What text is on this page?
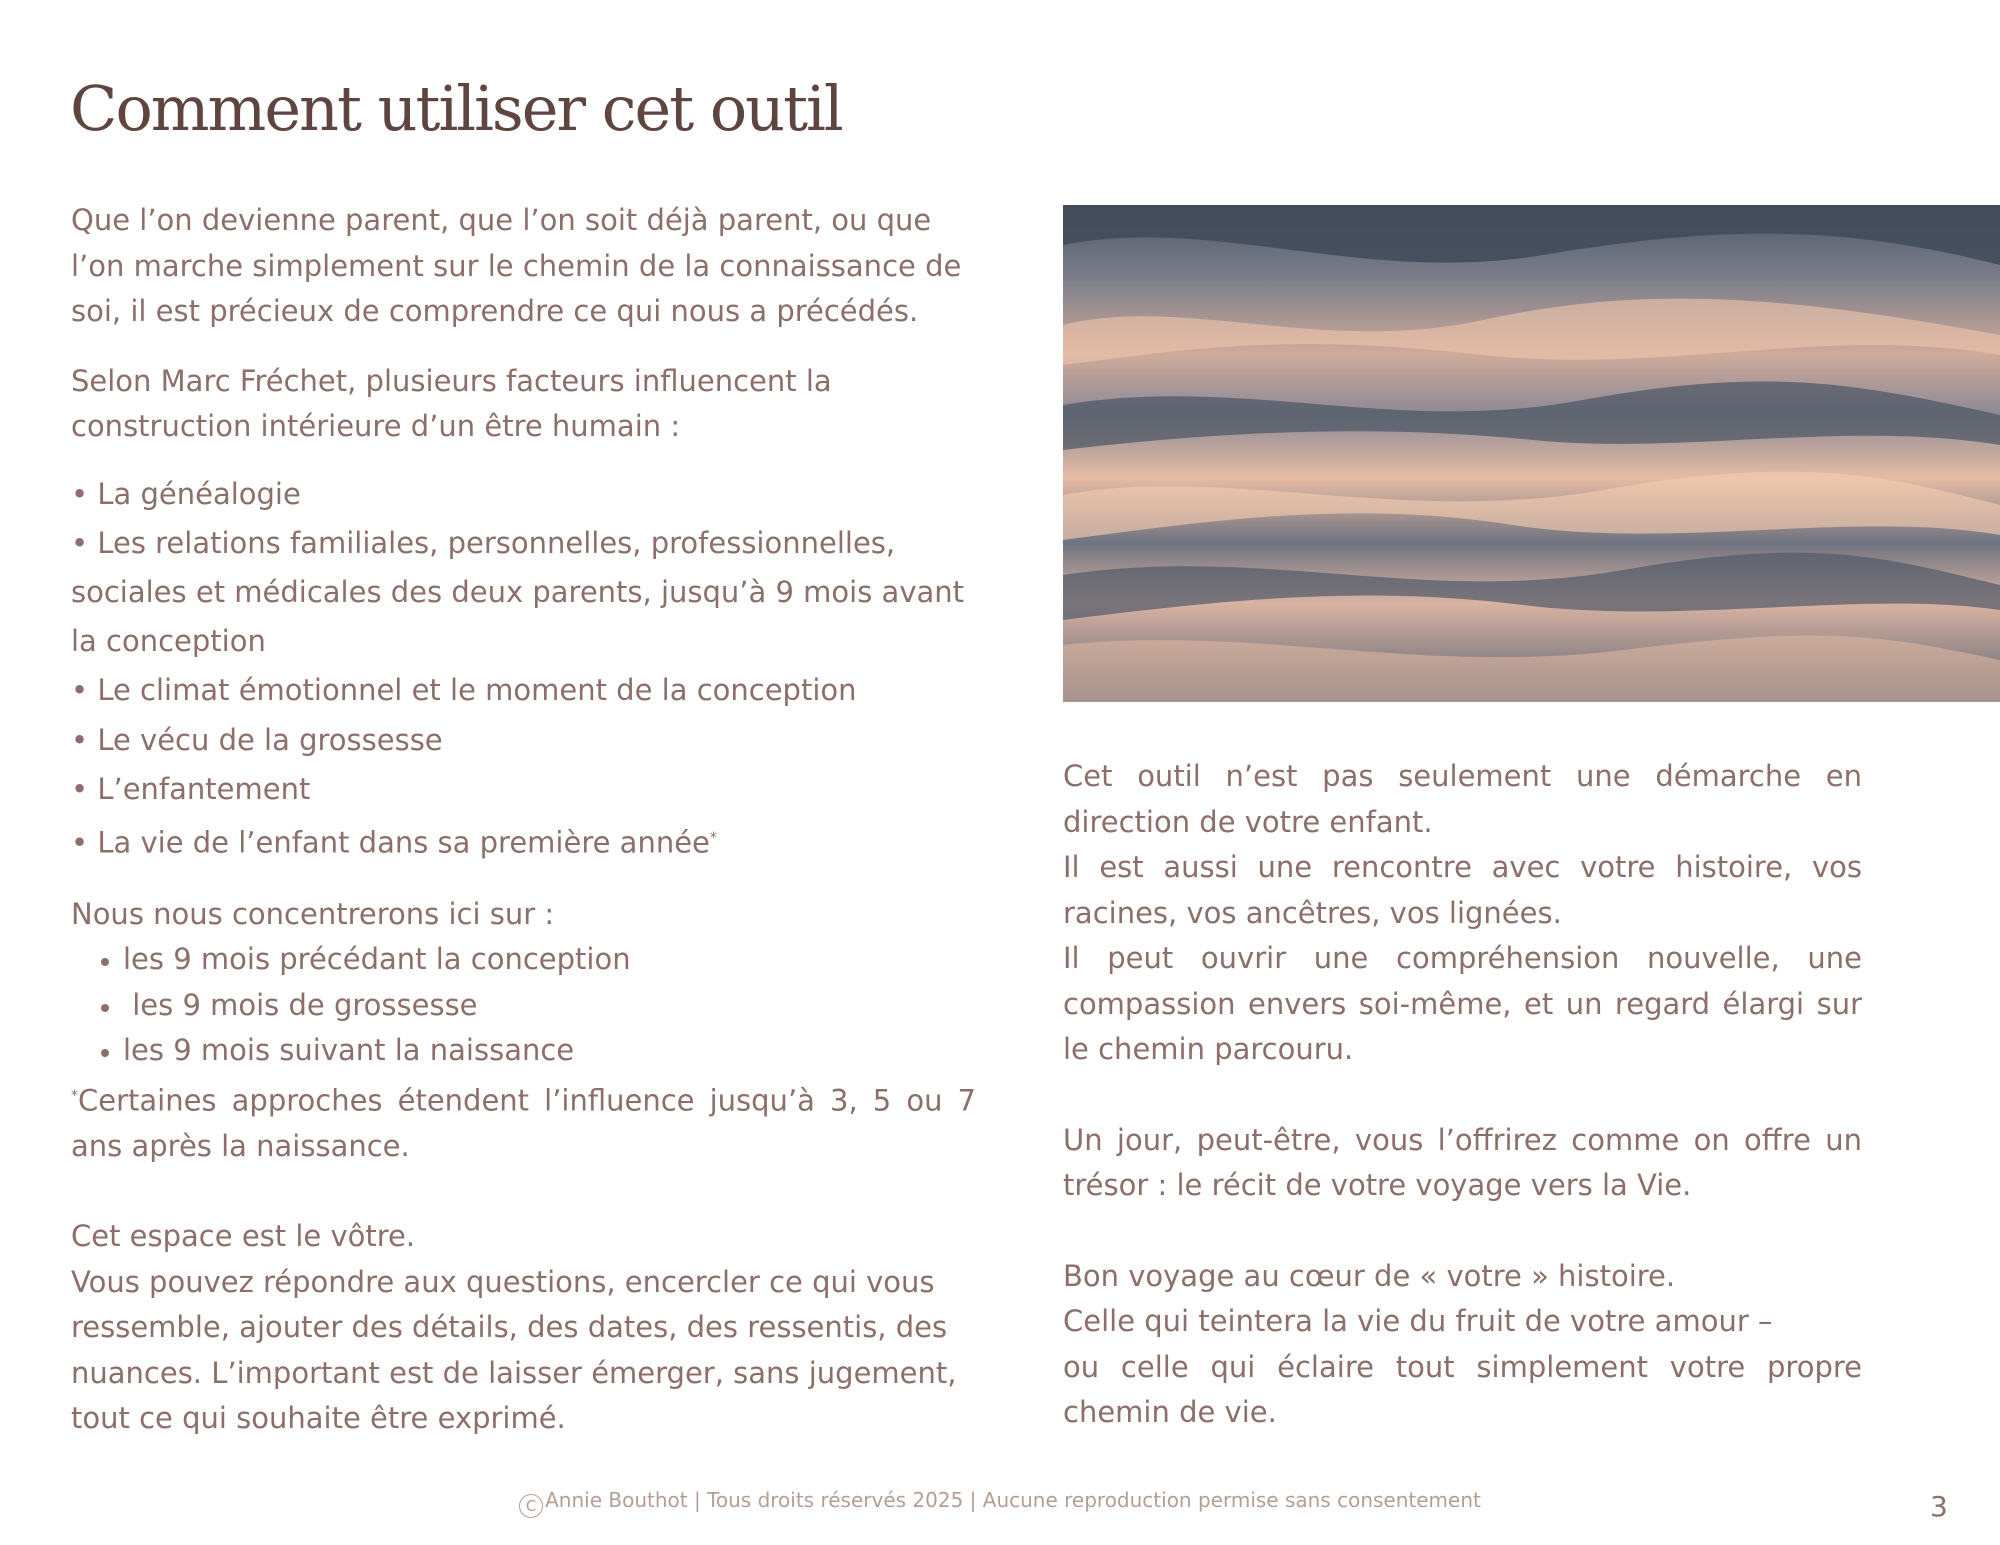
Comment utiliser cet outil

Que l’on devienne parent, que l’on soit déjà parent, ou que l’on marche simplement sur le chemin de la connaissance de soi, il est précieux de comprendre ce qui nous a précédés.

Selon Marc Fréchet, plusieurs facteurs influencent la construction intérieure d’un être humain :

• La généalogie
• Les relations familiales, personnelles, professionnelles, sociales et médicales des deux parents, jusqu’à 9 mois avant la conception
• Le climat émotionnel et le moment de la conception
• Le vécu de la grossesse
• L’enfantement
• La vie de l’enfant dans sa première année*

Nous nous concentrerons ici sur :

• les 9 mois précédant la conception
•  les 9 mois de grossesse
• les 9 mois suivant la naissance

*Certaines approches étendent l’influence jusqu’à 3, 5 ou 7 ans après la naissance.

Cet espace est le vôtre.

Vous pouvez répondre aux questions, encercler ce qui vous ressemble, ajouter des détails, des dates, des ressentis, des nuances. L’important est de laisser émerger, sans jugement, tout ce qui souhaite être exprimé.

Cet outil n’est pas seulement une démarche en direction de votre enfant.

Il est aussi une rencontre avec votre histoire, vos racines, vos ancêtres, vos lignées.

Il peut ouvrir une compréhension nouvelle, une compassion envers soi-même, et un regard élargi sur le chemin parcouru.

Un jour, peut-être, vous l’offrirez comme on offre un trésor : le récit de votre voyage vers la Vie.

Bon voyage au cœur de « votre » histoire.

Celle qui teintera la vie du fruit de votre amour –

ou celle qui éclaire tout simplement votre propre chemin de vie.

C Annie Bouthot | Tous droits réservés 2025 | Aucune reproduction permise sans consentement	3
